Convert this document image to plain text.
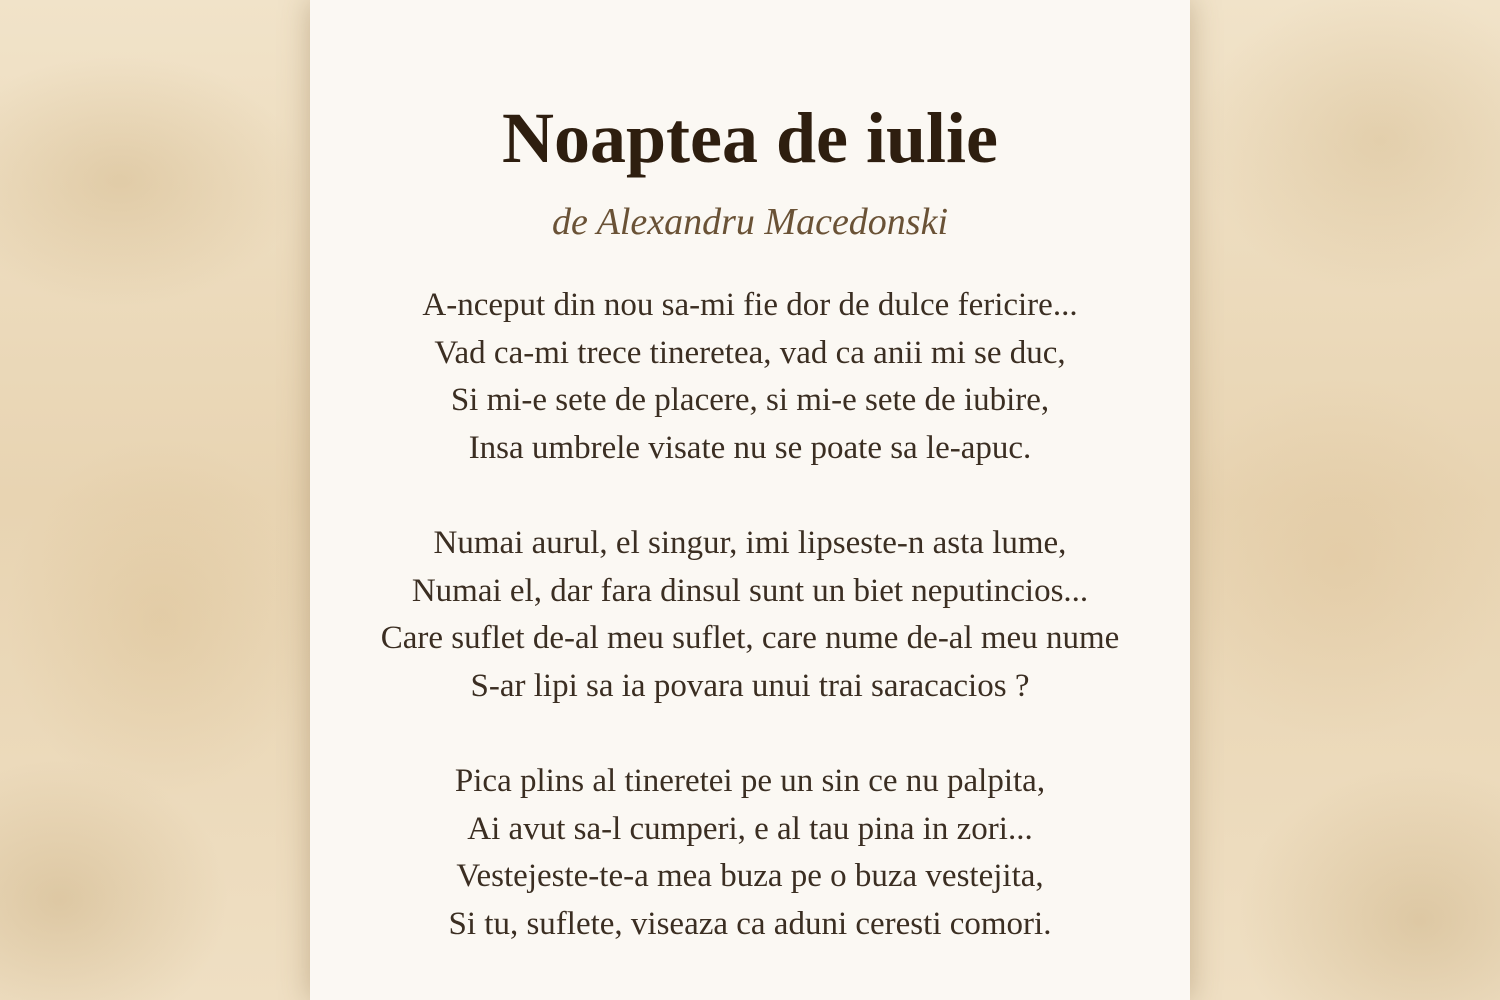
Noaptea de iulie

de Alexandru Macedonski

A-nceput din nou sa-mi fie dor de dulce fericire...
Vad ca-mi trece tineretea, vad ca anii mi se duc,
Si mi-e sete de placere, si mi-e sete de iubire,
Insa umbrele visate nu se poate sa le-apuc.
Numai aurul, el singur, imi lipseste-n asta lume,
Numai el, dar fara dinsul sunt un biet neputincios...
Care suflet de-al meu suflet, care nume de-al meu nume
S-ar lipi sa ia povara unui trai saracacios ?
Pica plins al tineretei pe un sin ce nu palpita,
Ai avut sa-l cumperi, e al tau pina in zori...
Vestejeste-te-a mea buza pe o buza vestejita,
Si tu, suflete, viseaza ca aduni ceresti comori.
